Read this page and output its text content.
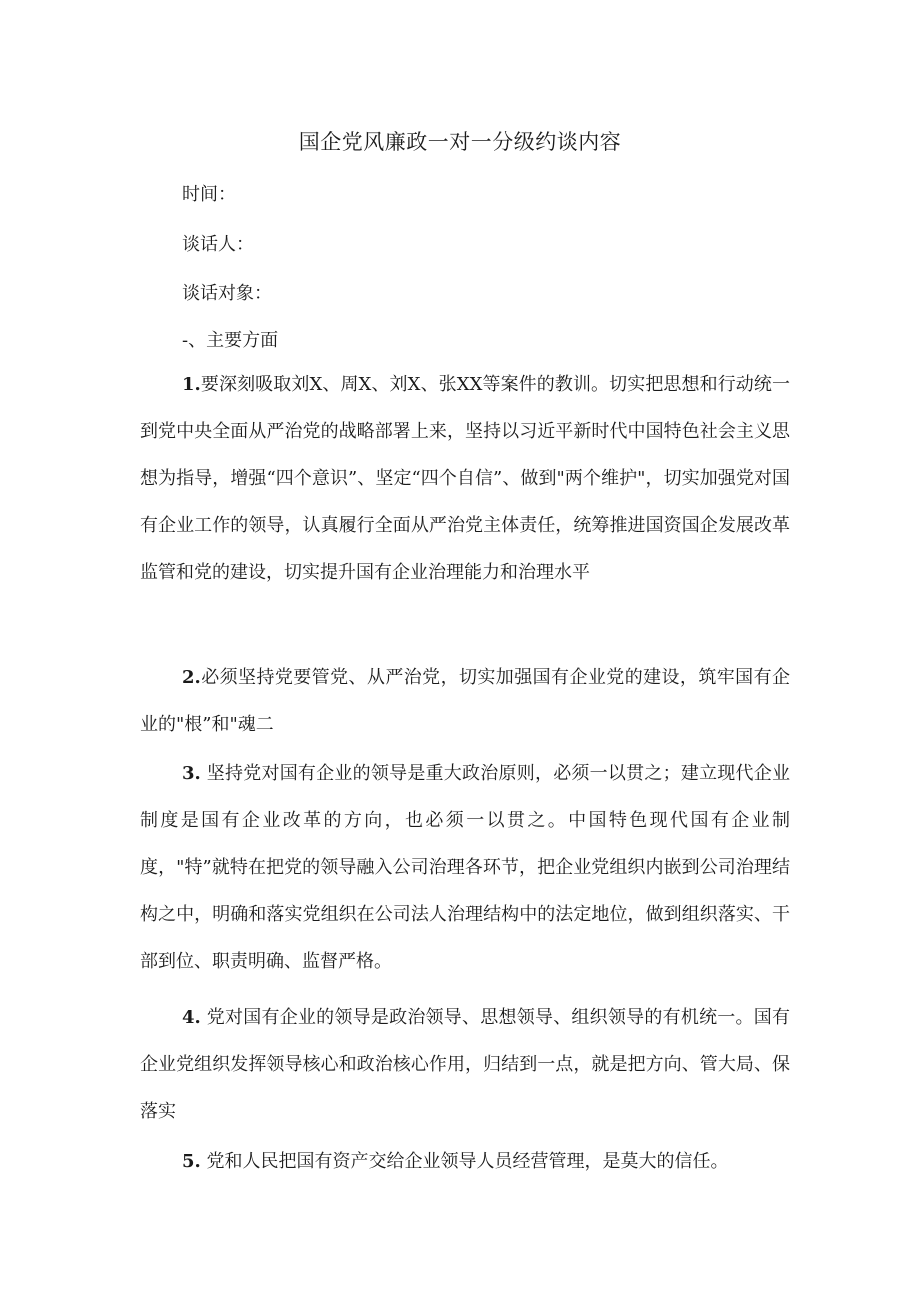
国企党风廉政一对一分级约谈内容
时间：
谈话人：
谈话对象：
-、主要方面

1.要深刻吸取刘X、周X、刘X、张XX等案件的教训。切实把思想和行动统一到党中央全面从严治党的战略部署上来，坚持以习近平新时代中国特色社会主义思想为指导，增强“四个意识”、坚定“四个自信”、做到"两个维护"，切实加强党对国有企业工作的领导，认真履行全面从严治党主体责任，统筹推进国资国企发展改革监管和党的建设，切实提升国有企业治理能力和治理水平

2.必须坚持党要管党、从严治党，切实加强国有企业党的建设，筑牢国有企业的"根”和"魂二

3. 坚持党对国有企业的领导是重大政治原则，必须一以贯之；建立现代企业制度是国有企业改革的方向，也必须一以贯之。中国特色现代国有企业制度，"特”就特在把党的领导融入公司治理各环节，把企业党组织内嵌到公司治理结构之中，明确和落实党组织在公司法人治理结构中的法定地位，做到组织落实、干部到位、职责明确、监督严格。

4. 党对国有企业的领导是政治领导、思想领导、组织领导的有机统一。国有企业党组织发挥领导核心和政治核心作用，归结到一点，就是把方向、管大局、保落实

5. 党和人民把国有资产交给企业领导人员经营管理，是莫大的信任。
